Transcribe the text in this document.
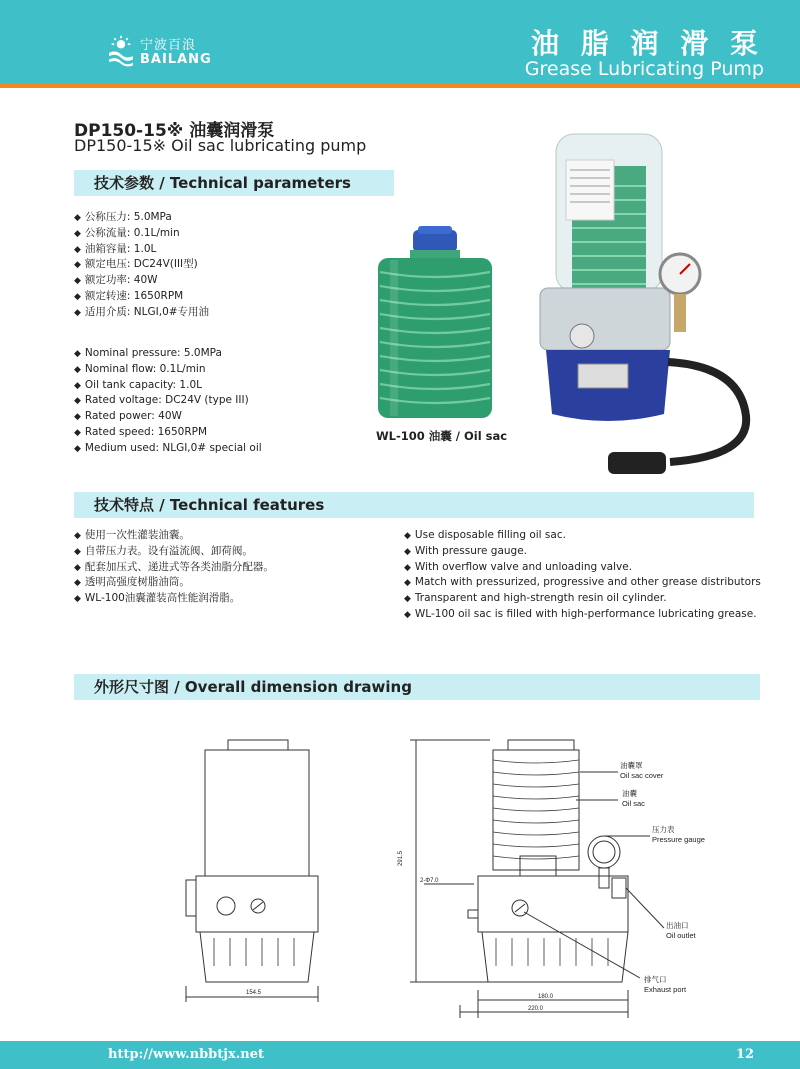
宁波百浪
BAILANG	油 脂 润 滑 泵
Grease Lubricating Pump
DP150-15※ 油囊润滑泵
DP150-15※ Oil sac lubricating pump
技术参数 / Technical parameters
◆ 公称压力: 5.0MPa
◆ 公称流量: 0.1L/min
◆ 油箱容量: 1.0L
◆ 额定电压: DC24V(III型)
◆ 额定功率: 40W
◆ 额定转速: 1650RPM
◆ 适用介质: NLGI,0#专用油
◆ Nominal pressure: 5.0MPa
◆ Nominal flow: 0.1L/min
◆ Oil tank capacity: 1.0L
◆ Rated voltage: DC24V (type III)
◆ Rated power: 40W
◆ Rated speed: 1650RPM
◆ Medium used: NLGI,0# special oil
WL-100 油囊 / Oil sac
技术特点 / Technical features
◆ 使用一次性灌装油囊。
◆ 自带压力表。设有溢流阀、卸荷阀。
◆ 配套加压式、递进式等各类油脂分配器。
◆ 透明高强度树脂油筒。
◆ WL-100油囊灌装高性能润滑脂。
◆ Use disposable filling oil sac.
◆ With pressure gauge.
◆ With overflow valve and unloading valve.
◆ Match with pressurized, progressive and other grease distributors
◆ Transparent and high-strength resin oil cylinder.
◆ WL-100 oil sac is filled with high-performance lubricating grease.
外形尺寸图 / Overall dimension drawing
154.5
291.5
2-Φ7.0
180.0
220.0
油囊罩
Oil sac cover
油囊
Oil sac
压力表
Pressure gauge
出油口
Oil outlet
排气口
Exhaust port
http://www.nbbtjx.net	12
